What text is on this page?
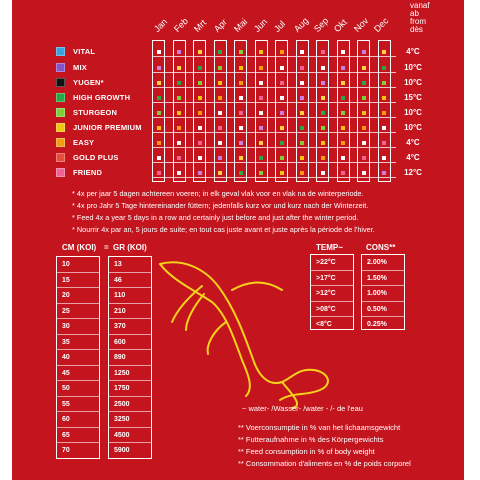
Jan Feb Mrt Apr Mai Jun Jul Aug Sep Okt Nov Dec
vanaf
ab
from
dès
VITAL
MIX
YUGEN*
HIGH GROWTH
STURGEON
JUNIOR PREMIUM
EASY
GOLD PLUS
FRIEND
4°C
10°C
10°C
15°C
10°C
10°C
4°C
4°C
12°C
* 4x per jaar 5 dagen achtereen voeren; in elk geval vlak voor en vlak na de winterperiode.
* 4x pro Jahr 5 Tage hintereinander füttern; jedenfalls kurz vor und kurz nach der Winterzeit.
* Feed 4x a year 5 days in a row and certainly just before and just after the winter period.
* Nourrir 4x par an, 5 jours de suite; en tout cas juste avant et juste après la période de l'hiver.
CM (KOI) = GR (KOI)
10
15
20
25
30
35
40
45
50
55
60
65
70
13
46
110
210
370
600
890
1250
1750
2500
3250
4500
5900
TEMP~	CONS**
>22°C
>17°C
>12°C
>08°C
<8°C
2.00%
1.50%
1.00%
0.50%
0.25%
~ water- /Wasser- /water - /- de l'eau
** Voerconsumptie in % van het lichaamsgewicht
** Futteraufnahme in % des Körpergewichts
** Feed consumption in % of body weight
** Consommation d'aliments en % de poids corporel
